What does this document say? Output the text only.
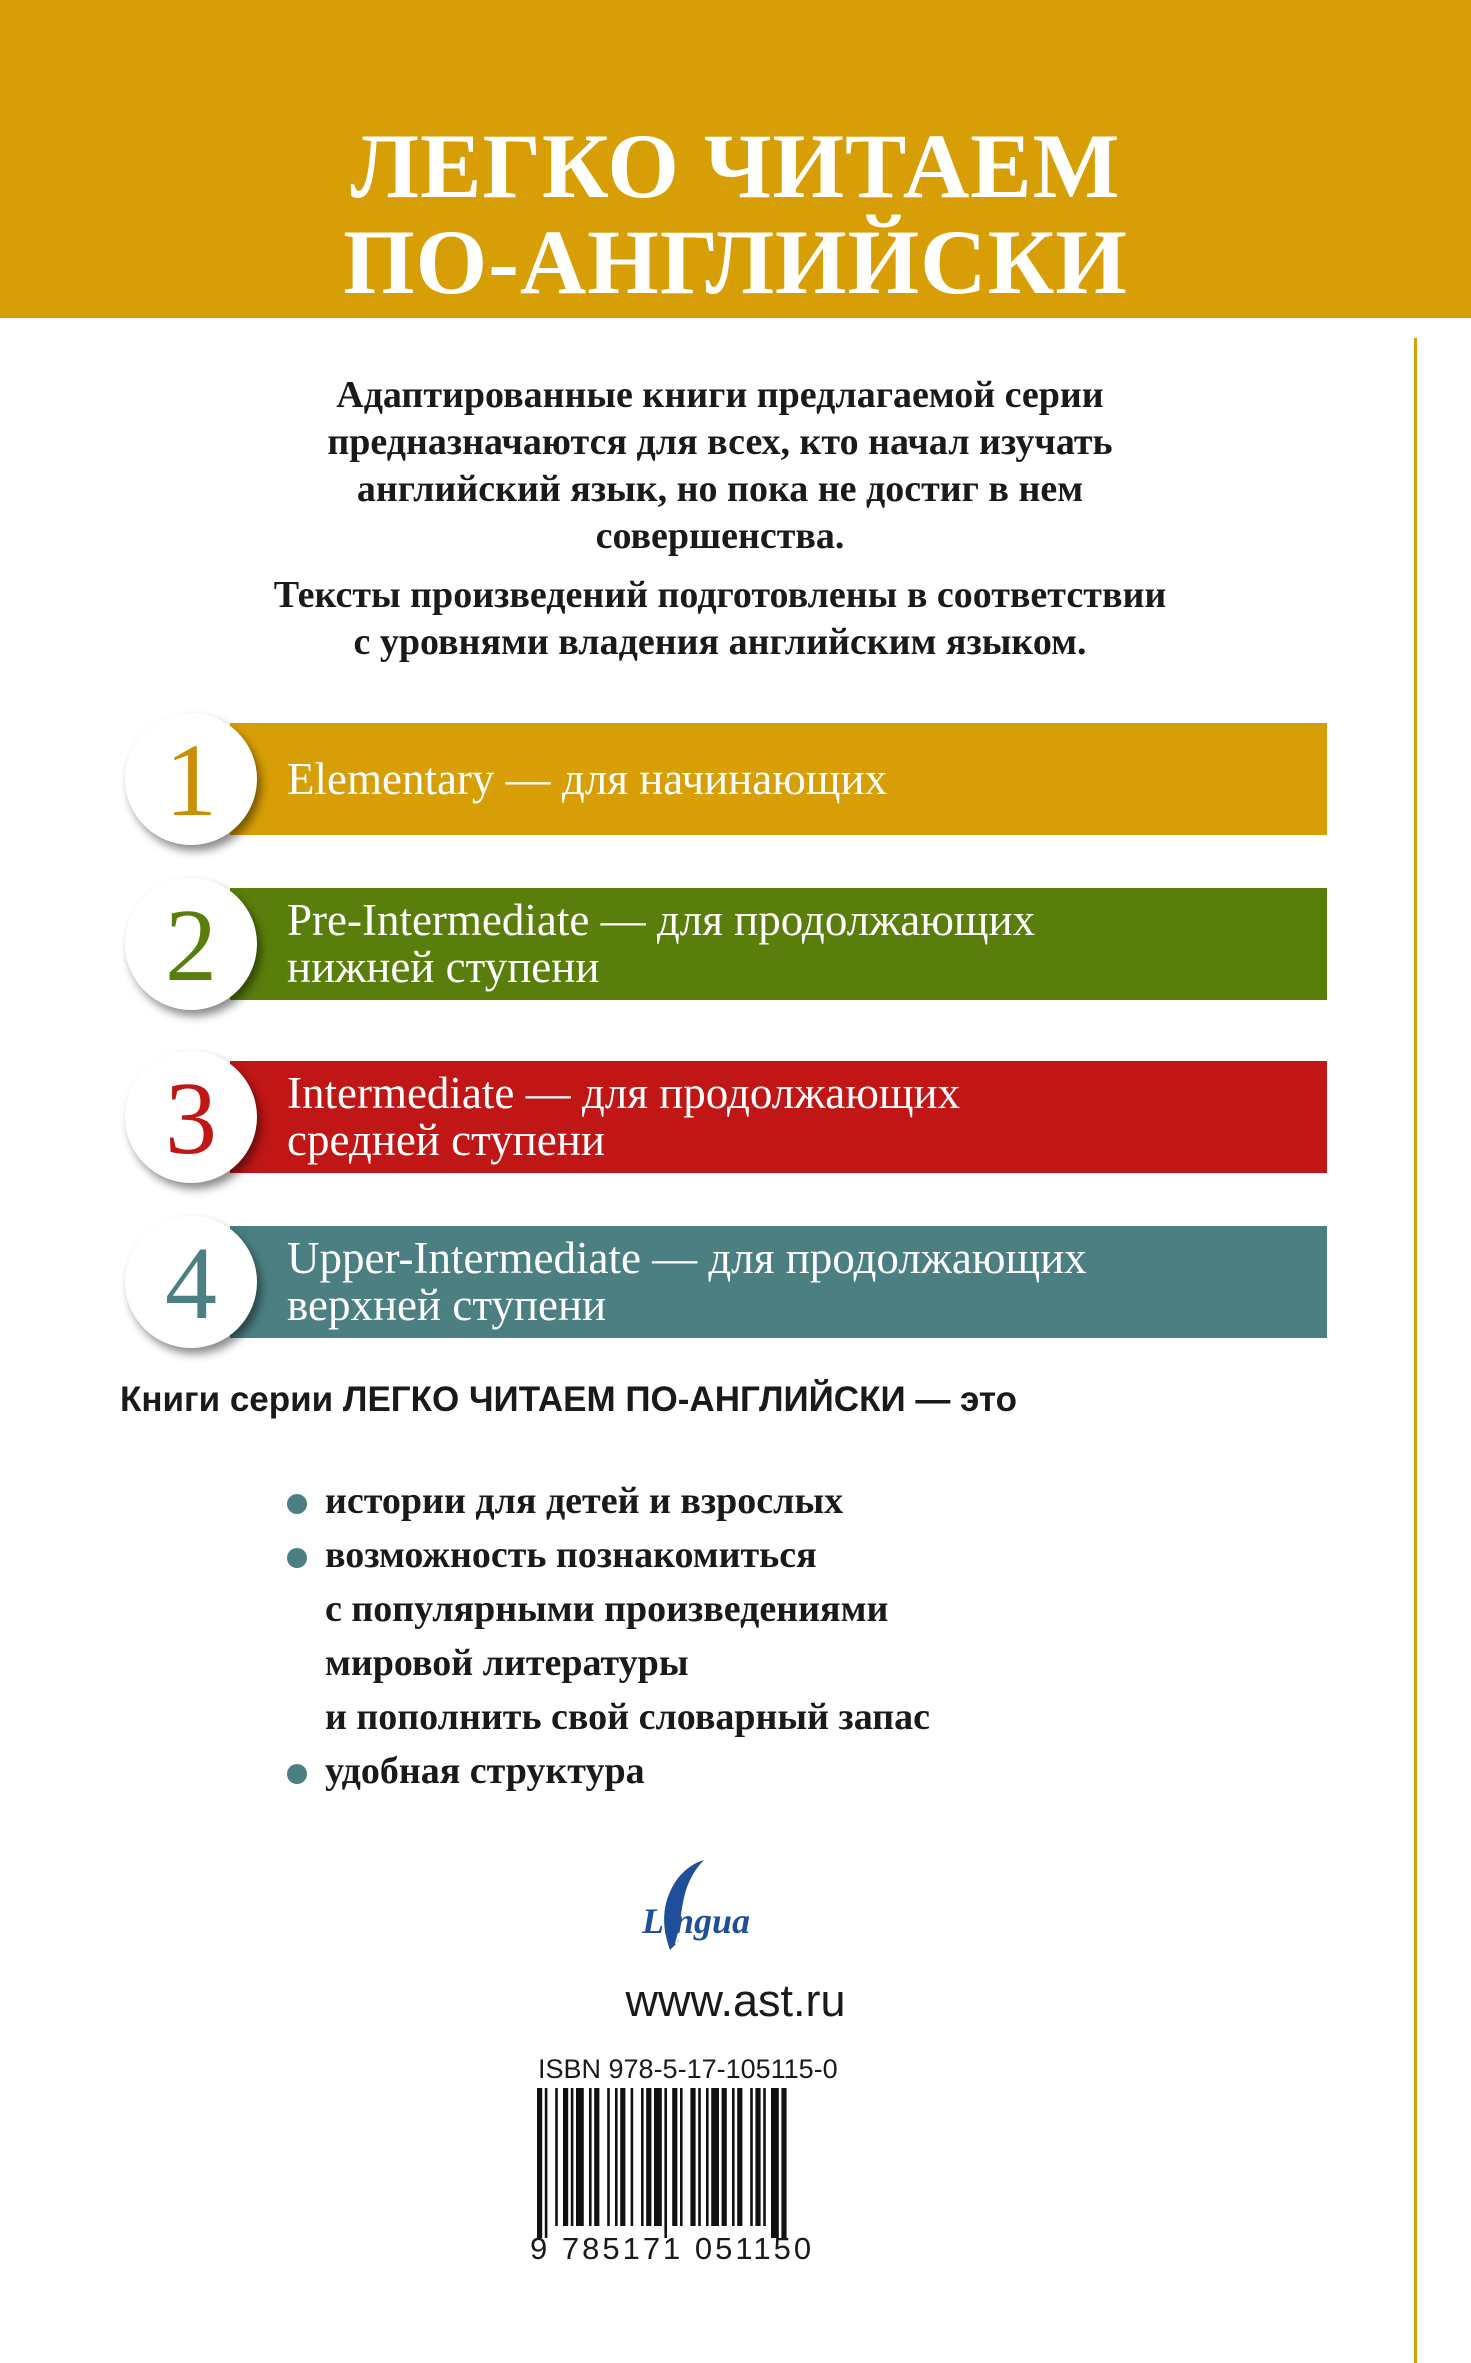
ЛЕГКО ЧИТАЕМ
ПО-АНГЛИЙСКИ
Адаптированные книги предлагаемой серии
предназначаются для всех, кто начал изучать
английский язык, но пока не достиг в нем
совершенства.
Тексты произведений подготовлены в соответствии
с уровнями владения английским языком.
Elementary — для начинающих
1
Pre-Intermediate — для продолжающих
нижней ступени
2
Intermediate — для продолжающих
средней ступени
3
Upper-Intermediate — для продолжающих
верхней ступени
4
Книги серии ЛЕГКО ЧИТАЕМ ПО-АНГЛИЙСКИ — это
истории для детей и взрослых
возможность познакомиться
с популярными произведениями
мировой литературы
и пополнить свой словарный запас
удобная структура
Lingua
www.ast.ru
ISBN 978-5-17-105115-0
9 785171 051150
